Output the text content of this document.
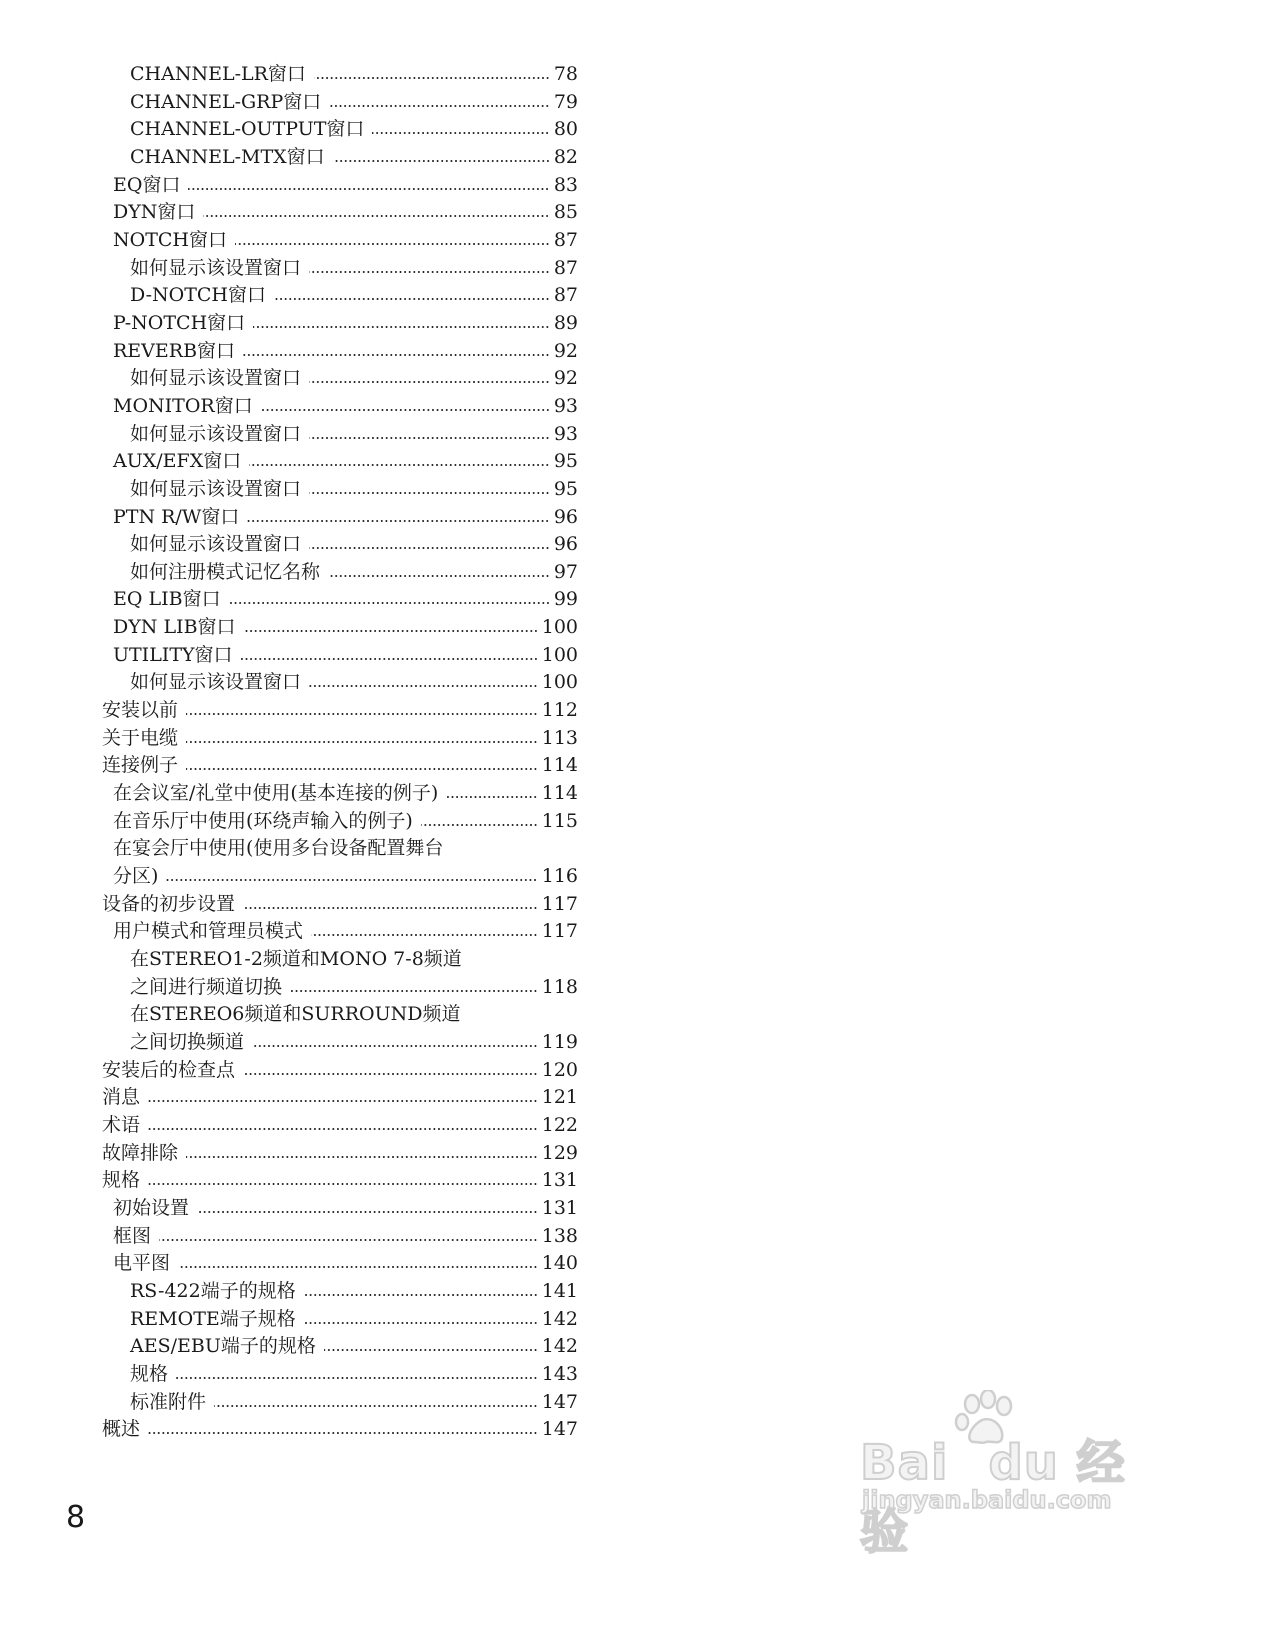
CHANNEL-LR窗口	78
CHANNEL-GRP窗口	79
CHANNEL-OUTPUT窗口	80
CHANNEL-MTX窗口	82
EQ窗口	83
DYN窗口	85
NOTCH窗口	87
如何显示该设置窗口	87
D-NOTCH窗口	87
P-NOTCH窗口	89
REVERB窗口	92
如何显示该设置窗口	92
MONITOR窗口	93
如何显示该设置窗口	93
AUX/EFX窗口	95
如何显示该设置窗口	95
PTN R/W窗口	96
如何显示该设置窗口	96
如何注册模式记忆名称	97
EQ LIB窗口	99
DYN LIB窗口	100
UTILITY窗口	100
如何显示该设置窗口	100
安装以前	112
关于电缆	113
连接例子	114
在会议室/礼堂中使用(基本连接的例子)	114
在音乐厅中使用(环绕声输入的例子)	115
在宴会厅中使用(使用多台设备配置舞台
分区)	116
设备的初步设置	117
用户模式和管理员模式	117
在STEREO1-2频道和MONO 7-8频道
之间进行频道切换	118
在STEREO6频道和SURROUND频道
之间切换频道	119
安装后的检查点	120
消息	121
术语	122
故障排除	129
规格	131
初始设置	131
框图	138
电平图	140
RS-422端子的规格	141
REMOTE端子规格	142
AES/EBU端子的规格	142
规格	143
标准附件	147
概述	147
8
Bai du 经验
jingyan.baidu.com
